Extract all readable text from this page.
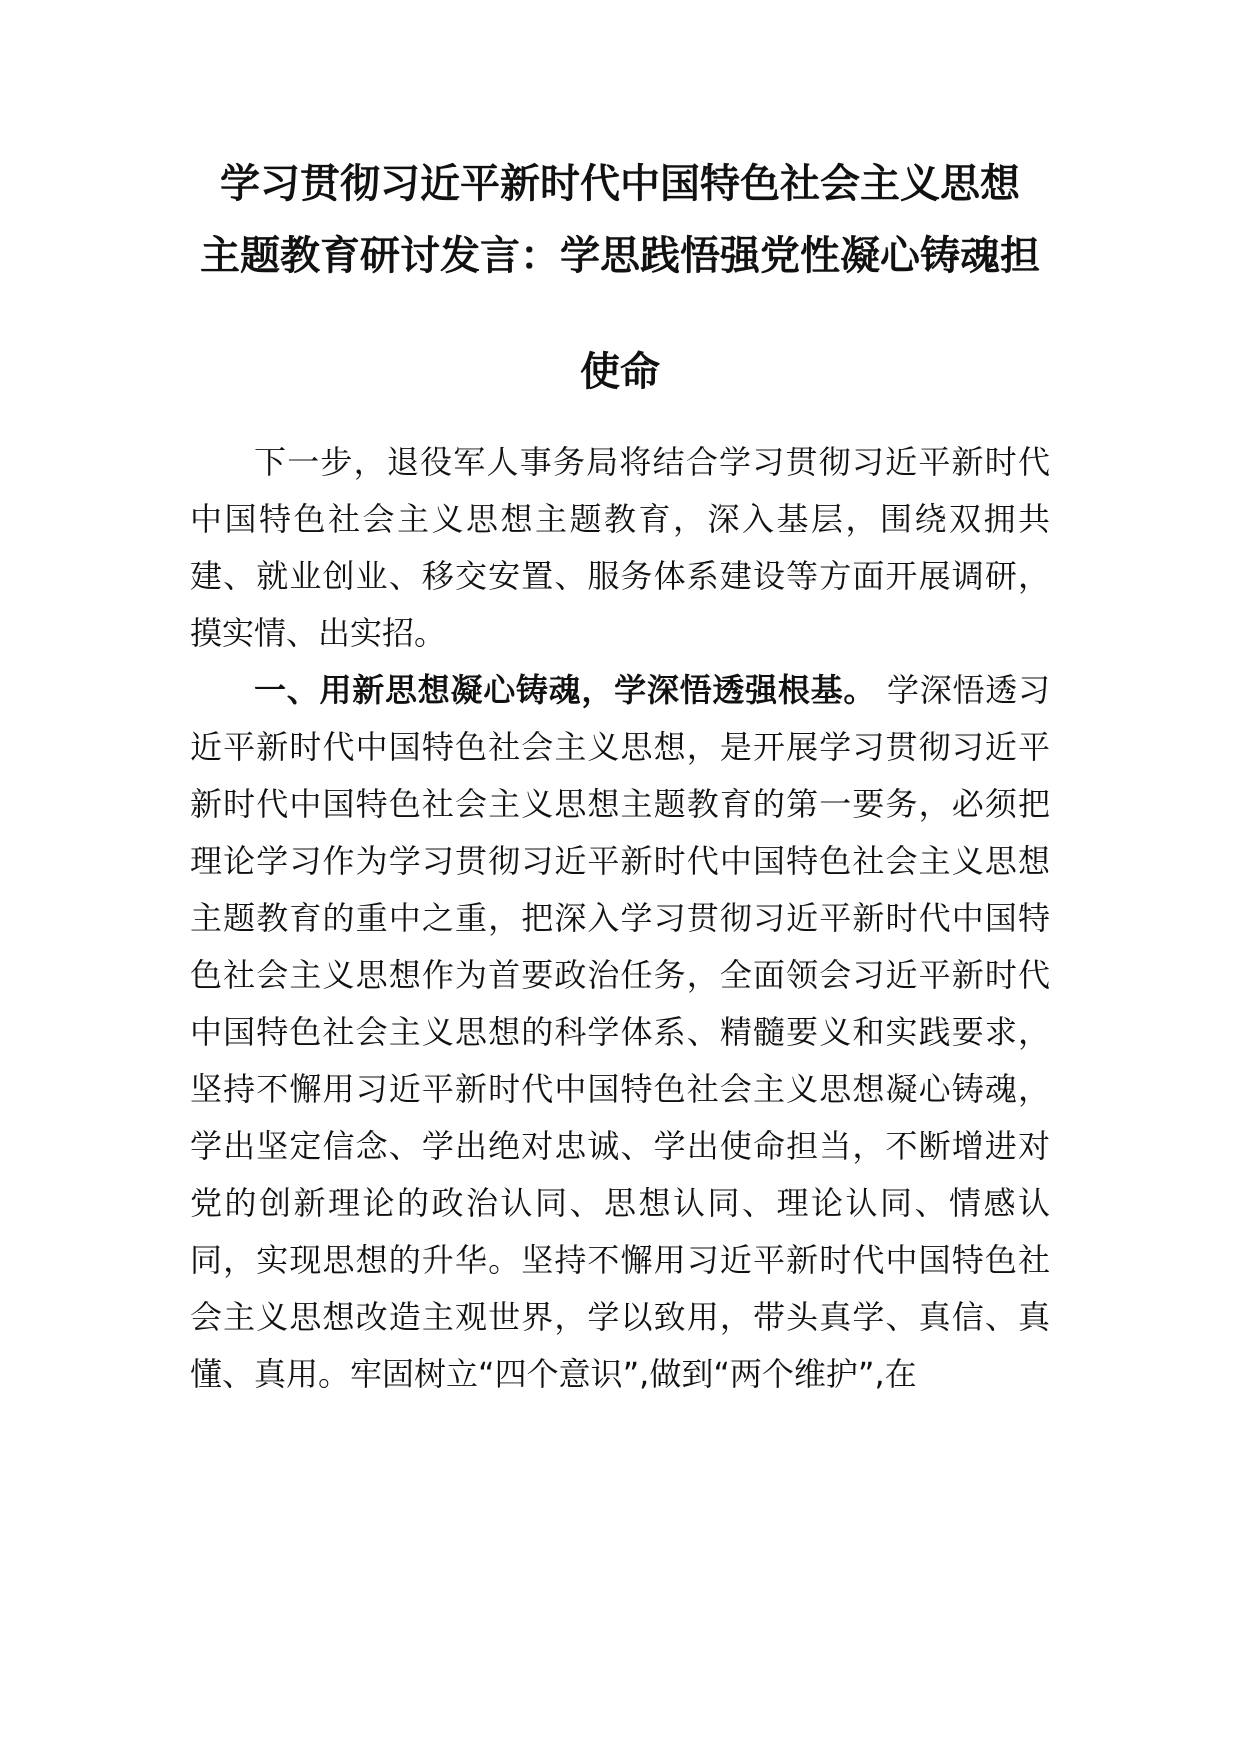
学习贯彻习近平新时代中国特色社会主义思想
主题教育研讨发言：学思践悟强党性凝心铸魂担
使命

下一步，退役军人事务局将结合学习贯彻习近平新时代中国特色社会主义思想主题教育，深入基层，围绕双拥共建、就业创业、移交安置、服务体系建设等方面开展调研，摸实情、出实招。

一、用新思想凝心铸魂，学深悟透强根基。 学深悟透习近平新时代中国特色社会主义思想，是开展学习贯彻习近平新时代中国特色社会主义思想主题教育的第一要务，必须把理论学习作为学习贯彻习近平新时代中国特色社会主义思想主题教育的重中之重，把深入学习贯彻习近平新时代中国特色社会主义思想作为首要政治任务，全面领会习近平新时代中国特色社会主义思想的科学体系、精髓要义和实践要求，坚持不懈用习近平新时代中国特色社会主义思想凝心铸魂，学出坚定信念、学出绝对忠诚、学出使命担当，不断增进对党的创新理论的政治认同、思想认同、理论认同、情感认同，实现思想的升华。坚持不懈用习近平新时代中国特色社会主义思想改造主观世界，学以致用，带头真学、真信、真懂、真用。牢固树立“四个意识”,做到“两个维护”,在
